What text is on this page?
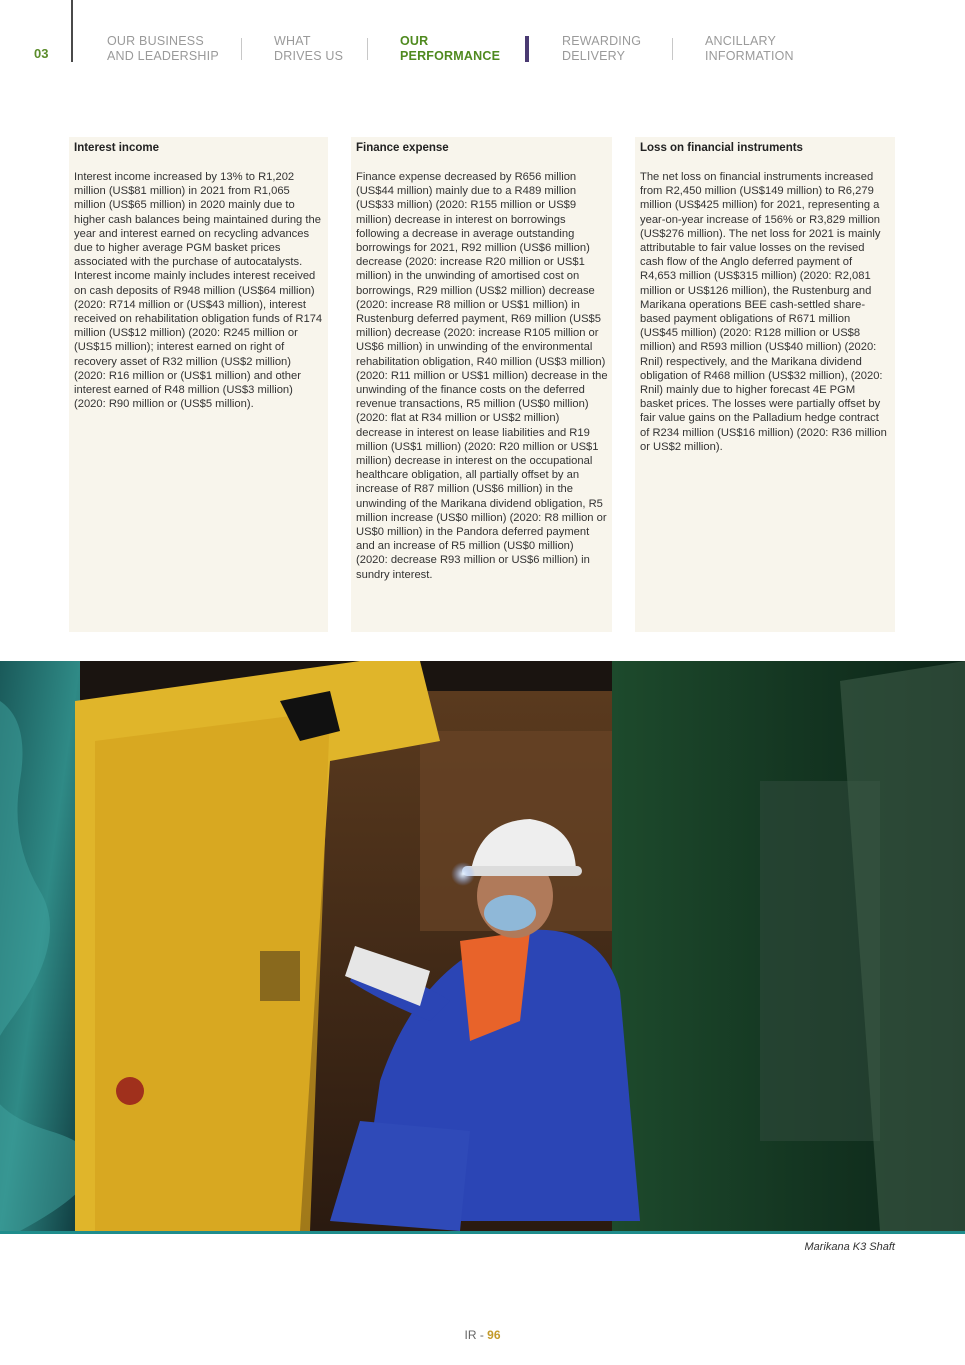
03
OUR BUSINESS
AND LEADERSHIP
WHAT
DRIVES US
OUR
PERFORMANCE
REWARDING
DELIVERY
ANCILLARY
INFORMATION
Interest income

Interest income increased by 13% to R1,202 million (US$81 million) in 2021 from R1,065 million (US$65 million) in 2020 mainly due to higher cash balances being maintained during the year and interest earned on recycling advances due to higher average PGM basket prices associated with the purchase of autocatalysts. Interest income mainly includes interest received on cash deposits of R948 million (US$64 million) (2020: R714 million or (US$43 million), interest received on rehabilitation obligation funds of R174 million (US$12 million) (2020: R245 million or (US$15 million); interest earned on right of recovery asset of R32 million (US$2 million) (2020: R16 million or (US$1 million) and other interest earned of R48 million (US$3 million) (2020: R90 million or (US$5 million).

Finance expense

Finance expense decreased by R656 million (US$44 million) mainly due to a R489 million (US$33 million) (2020: R155 million or US$9 million) decrease in interest on borrowings following a decrease in average outstanding borrowings for 2021, R92 million (US$6 million) decrease (2020: increase R20 million or US$1 million) in the unwinding of amortised cost on borrowings, R29 million (US$2 million) decrease (2020: increase R8 million or US$1 million) in Rustenburg deferred payment, R69 million (US$5 million) decrease (2020: increase R105 million or US$6 million) in unwinding of the environmental rehabilitation obligation, R40 million (US$3 million) (2020: R11 million or US$1 million) decrease in the unwinding of the finance costs on the deferred revenue transactions, R5 million (US$0 million) (2020: flat at R34 million or US$2 million) decrease in interest on lease liabilities and R19 million (US$1 million) (2020: R20 million or US$1 million) decrease in interest on the occupational healthcare obligation, all partially offset by an increase of R87 million (US$6 million) in the unwinding of the Marikana dividend obligation, R5 million increase (US$0 million) (2020: R8 million or US$0 million) in the Pandora deferred payment and an increase of R5 million (US$0 million) (2020: decrease R93 million or US$6 million) in sundry interest.

Loss on financial instruments

The net loss on financial instruments increased from R2,450 million (US$149 million) to R6,279 million (US$425 million) for 2021, representing a year-on-year increase of 156% or R3,829 million (US$276 million). The net loss for 2021 is mainly attributable to fair value losses on the revised cash flow of the Anglo deferred payment of R4,653 million (US$315 million) (2020: R2,081 million or US$126 million), the Rustenburg and Marikana operations BEE cash-settled share-based payment obligations of R671 million (US$45 million) (2020: R128 million or US$8 million) and R593 million (US$40 million) (2020: Rnil) respectively, and the Marikana dividend obligation of R468 million (US$32 million), (2020: Rnil) mainly due to higher forecast 4E PGM basket prices. The losses were partially offset by fair value gains on the Palladium hedge contract of R234 million (US$16 million) (2020: R36 million or US$2 million).

Marikana K3 Shaft
IR - 96
